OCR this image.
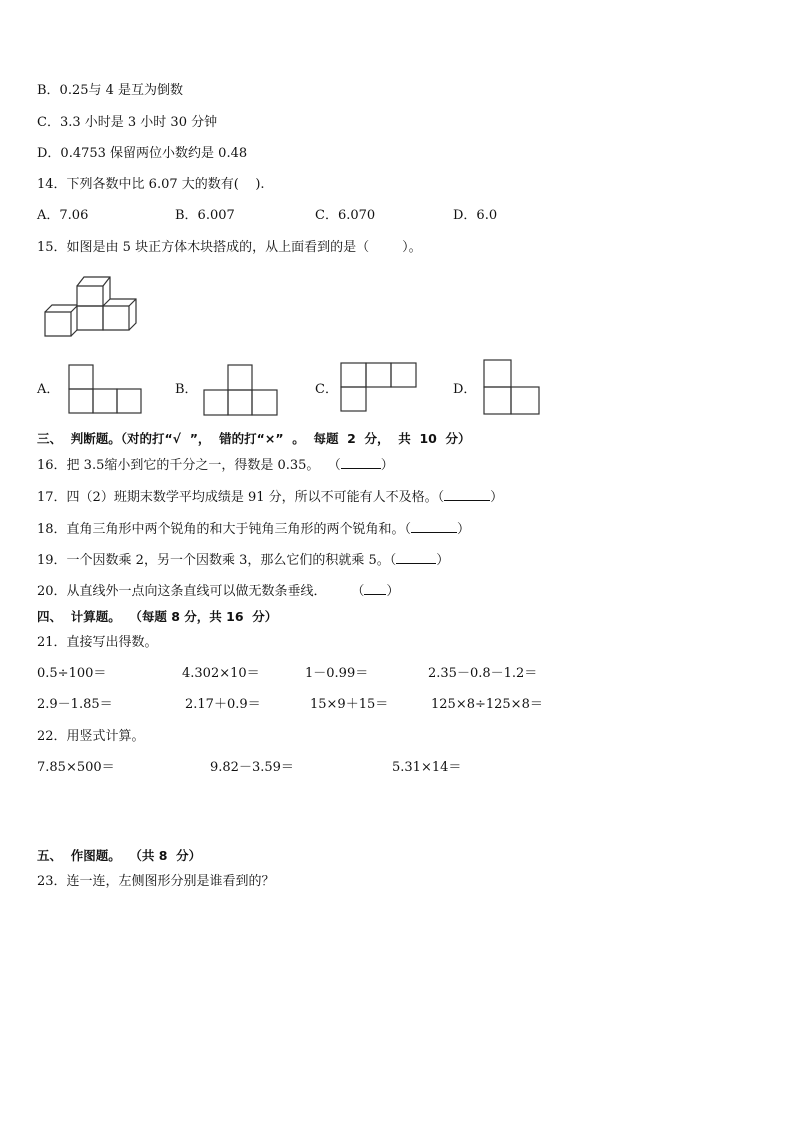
B．0.25与 4 是互为倒数
C．3.3 小时是 3 小时 30 分钟
D．0.4753 保留两位小数约是 0.48
14．下列各数中比 6.07 大的数有(    ).
A．7.06	B．6.007	C．6.070	D．6.0
15．如图是由 5 块正方体木块搭成的，从上面看到的是（        ）。
A．	B．	C．	D．
三、  判断题。（对的打“√  ”，  错的打“×”  。  每题  2  分，  共  10  分）
16．把 3.5缩小到它的千分之一，得数是 0.35。  （	）
17．四（2）班期末数学平均成绩是 91 分，所以不可能有人不及格。（	）
18．直角三角形中两个锐角的和大于钝角三角形的两个锐角和。（	）
19．一个因数乘 2，另一个因数乘 3，那么它们的积就乘 5。（	）
20．从直线外一点向这条直线可以做无数条垂线．      （ ）
四、  计算题。  （每题 8 分，共 16  分）
21．直接写出得数。
0.5÷100＝	4.302×10＝	1－0.99＝	2.35－0.8－1.2＝
2.9－1.85＝	2.17＋0.9＝	15×9＋15＝	125×8÷125×8＝
22．用竖式计算。
7.85×500＝	9.82－3.59＝	5.31×14＝
五、  作图题。  （共 8  分）
23．连一连，左侧图形分别是谁看到的？
